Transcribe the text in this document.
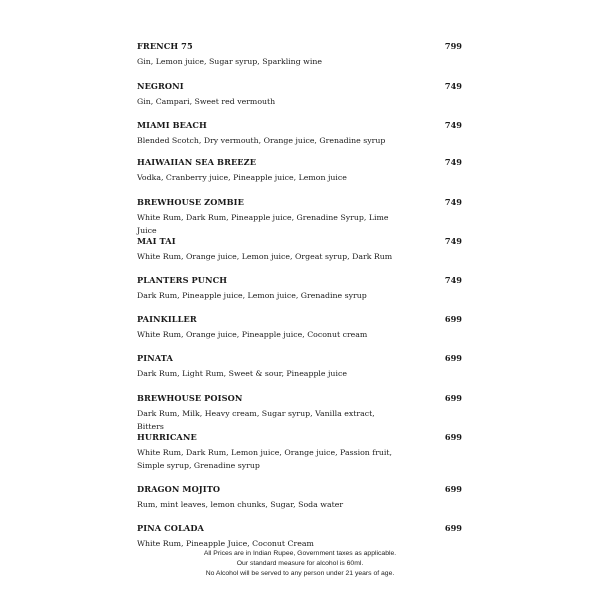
FRENCH 75	799
Gin, Lemon juice, Sugar syrup, Sparkling wine
NEGRONI	749
Gin, Campari, Sweet red vermouth
MIAMI BEACH	749
Blended Scotch, Dry vermouth, Orange juice, Grenadine syrup
HAIWAIIAN SEA BREEZE	749
Vodka, Cranberry juice, Pineapple juice, Lemon juice
BREWHOUSE ZOMBIE	749
White Rum, Dark Rum, Pineapple juice, Grenadine Syrup, Lime Juice
MAI TAI	749
White Rum, Orange juice, Lemon juice, Orgeat syrup, Dark Rum
PLANTERS PUNCH	749
Dark Rum, Pineapple juice, Lemon juice, Grenadine syrup
PAINKILLER	699
White Rum, Orange juice, Pineapple juice, Coconut cream
PINATA	699
Dark Rum, Light Rum, Sweet & sour, Pineapple juice
BREWHOUSE POISON	699
Dark Rum, Milk, Heavy cream, Sugar syrup, Vanilla extract, Bitters
HURRICANE	699
White Rum, Dark Rum, Lemon juice, Orange juice, Passion fruit, Simple syrup, Grenadine syrup
DRAGON MOJITO	699
Rum, mint leaves, lemon chunks, Sugar, Soda water
PINA COLADA	699
White Rum, Pineapple Juice, Coconut Cream
All Prices are in Indian Rupee, Government taxes as applicable.
Our standard measure for alcohol is 60ml.
No Alcohol will be served to any person under 21 years of age.
